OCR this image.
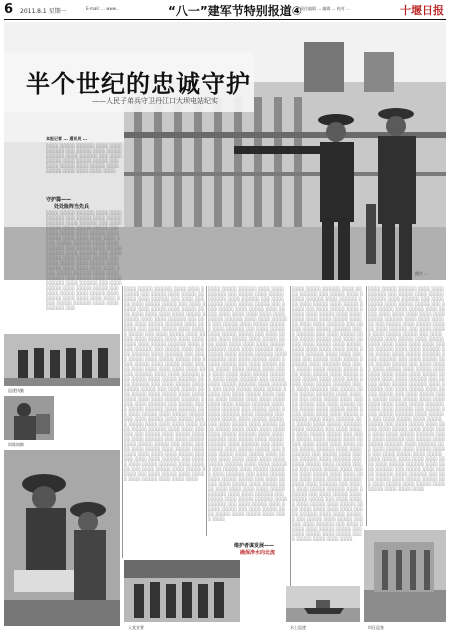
6 2011.8.1 星期一	E-mail: ... www...	“八一”建军节特别报道④
责任编辑 ... 编辑 ... 校对 ...	十堰日报
半个世纪的忠诚守护
——人民子弟兵守卫丹江口大坝电站纪实
图片 ...
本报记者 ... 通讯员 ...
░░░░ ░░░░░ ░░░░░░ ░░░░ ░░░░ ░░░░░░ ░░░ ░░░░░ ░░░░ ░░░░░ ░░░░░░ ░░░░ ░░░░░░ ░░░ ░░░░ ░░░░░ ░░░░ ░░░░░ ░░░░░ ░░░ ░░░░ ░░░░░ ░░░░ ░░░░░ ░░░░ ░░░░░ ░░░░ ░░░░ ░░░░ ░░░░
守护篇——
处处险阵当先兵
░░░░ ░░░░░ ░░░░░░ ░░░░ ░░░░ ░░░░░░ ░░░ ░░░░░ ░░░░ ░░░░░ ░░░░░░ ░░░░ ░░░░░░ ░░░ ░░░░ ░░░░░ ░░░░ ░░░░░ ░░░░░ ░░░ ░░░░ ░░░░░ ░░░░ ░░░░░ ░░░░ ░░░░░ ░░░░ ░░░░ ░░░░ ░░░░ ░░░░ ░░░░░ ░░░░░░ ░░░░ ░░░░ ░░░░░░ ░░░ ░░░░░ ░░░░ ░░░░░ ░░░░░░ ░░░░ ░░░░░░ ░░░ ░░░░ ░░░░░ ░░░░ ░░░░░ ░░░░░ ░░░ ░░░░ ░░░░░ ░░░░ ░░░░░ ░░░░ ░░░░░ ░░░░ ░░░░ ░░░░ ░░░░ ░░░░ ░░░░░ ░░░░░░ ░░░░ ░░░░ ░░░░░░ ░░░ ░░░░░ ░░░░ ░░░░░ ░░░░░░ ░░░░ ░░░░░░ ░░░ ░░░░ ░░░░░ ░░░░ ░░░░░ ░░░░░ ░░░ ░░░░ ░░░░░ ░░░░ ░░░░░ ░░░░ ░░░░░ ░░░░ ░░░░ ░░░░ ░░░░ ░░░░ ░░░░░ ░░░░░░ ░░░░ ░░░░ ░░░░░░ ░░░
巡逻执勤
训练间隙
░░░░ ░░░░░ ░░░░░░ ░░░░ ░░░░ ░░░░░░ ░░░ ░░░░░ ░░░░ ░░░░░ ░░░░░░ ░░░░ ░░░░░░ ░░░ ░░░░ ░░░░░ ░░░░ ░░░░░ ░░░░░ ░░░ ░░░░ ░░░░░ ░░░░ ░░░░░ ░░░░ ░░░░░ ░░░░ ░░░░ ░░░░ ░░░░ ░░░░ ░░░░░ ░░░░░░ ░░░░ ░░░░ ░░░░░░ ░░░ ░░░░░ ░░░░ ░░░░░ ░░░░░░ ░░░░ ░░░░░░ ░░░ ░░░░ ░░░░░ ░░░░ ░░░░░ ░░░░░ ░░░ ░░░░ ░░░░░ ░░░░ ░░░░░ ░░░░ ░░░░░ ░░░░ ░░░░ ░░░░ ░░░░ ░░░░ ░░░░░ ░░░░░░ ░░░░ ░░░░ ░░░░░░ ░░░ ░░░░░ ░░░░ ░░░░░ ░░░░░░ ░░░░ ░░░░░░ ░░░ ░░░░ ░░░░░ ░░░░ ░░░░░ ░░░░░ ░░░ ░░░░ ░░░░░ ░░░░ ░░░░░ ░░░░ ░░░░░ ░░░░ ░░░░ ░░░░ ░░░░ ░░░░ ░░░░░ ░░░░░░ ░░░░ ░░░░ ░░░░░░ ░░░ ░░░░░ ░░░░ ░░░░░ ░░░░░░ ░░░░ ░░░░░░ ░░░ ░░░░ ░░░░░ ░░░░ ░░░░░ ░░░░░ ░░░ ░░░░ ░░░░░ ░░░░ ░░░░░ ░░░░ ░░░░░ ░░░░ ░░░░ ░░░░ ░░░░ ░░░░ ░░░░░ ░░░░░░ ░░░░ ░░░░ ░░░░░░ ░░░ ░░░░░ ░░░░ ░░░░░ ░░░░░░ ░░░░ ░░░░░░ ░░░ ░░░░ ░░░░░ ░░░░ ░░░░░ ░░░░░ ░░░ ░░░░ ░░░░░ ░░░░ ░░░░░ ░░░░ ░░░░░ ░░░░ ░░░░ ░░░░ ░░░░ ░░░░ ░░░░░ ░░░░░░ ░░░░ ░░░░ ░░░░░░ ░░░ ░░░░░ ░░░░ ░░░░░ ░░░░░░ ░░░░ ░░░░░░ ░░░ ░░░░ ░░░░░ ░░░░ ░░░░░ ░░░░░ ░░░ ░░░░ ░░░░░ ░░░░ ░░░░░ ░░░░ ░░░░░ ░░░░ ░░░░ ░░░░ ░░░░ ░░░░ ░░░░░ ░░░░░░ ░░░░ ░░░░ ░░░░░░ ░░░ ░░░░░ ░░░░ ░░░░░ ░░░░░░ ░░░░ ░░░░░░ ░░░ ░░░░ ░░░░░ ░░░░ ░░░░░ ░░░░░ ░░░ ░░░░ ░░░░░ ░░░░ ░░░░░ ░░░░ ░░░░░ ░░░░ ░░░░ ░░░░
░░░░ ░░░░░ ░░░░░░ ░░░░ ░░░░ ░░░░░░ ░░░ ░░░░░ ░░░░ ░░░░░ ░░░░░░ ░░░░ ░░░░░░ ░░░ ░░░░ ░░░░░ ░░░░ ░░░░░ ░░░░░ ░░░ ░░░░ ░░░░░ ░░░░ ░░░░░ ░░░░ ░░░░░ ░░░░ ░░░░ ░░░░ ░░░░ ░░░░ ░░░░░ ░░░░░░ ░░░░ ░░░░ ░░░░░░ ░░░ ░░░░░ ░░░░ ░░░░░ ░░░░░░ ░░░░ ░░░░░░ ░░░ ░░░░ ░░░░░ ░░░░ ░░░░░ ░░░░░ ░░░ ░░░░ ░░░░░ ░░░░ ░░░░░ ░░░░ ░░░░░ ░░░░ ░░░░ ░░░░ ░░░░ ░░░░ ░░░░░ ░░░░░░ ░░░░ ░░░░ ░░░░░░ ░░░ ░░░░░ ░░░░ ░░░░░ ░░░░░░ ░░░░ ░░░░░░ ░░░ ░░░░ ░░░░░ ░░░░ ░░░░░ ░░░░░ ░░░ ░░░░ ░░░░░ ░░░░ ░░░░░ ░░░░ ░░░░░ ░░░░ ░░░░ ░░░░ ░░░░ ░░░░ ░░░░░ ░░░░░░ ░░░░ ░░░░ ░░░░░░ ░░░ ░░░░░ ░░░░ ░░░░░ ░░░░░░ ░░░░ ░░░░░░ ░░░ ░░░░ ░░░░░ ░░░░ ░░░░░ ░░░░░ ░░░ ░░░░ ░░░░░ ░░░░ ░░░░░ ░░░░ ░░░░░ ░░░░ ░░░░ ░░░░ ░░░░ ░░░░ ░░░░░ ░░░░░░ ░░░░ ░░░░ ░░░░░░ ░░░ ░░░░░ ░░░░ ░░░░░ ░░░░░░ ░░░░ ░░░░░░ ░░░ ░░░░ ░░░░░ ░░░░ ░░░░░ ░░░░░ ░░░ ░░░░ ░░░░░ ░░░░ ░░░░░ ░░░░ ░░░░░ ░░░░ ░░░░ ░░░░ ░░░░ ░░░░ ░░░░░ ░░░░░░ ░░░░ ░░░░ ░░░░░░ ░░░ ░░░░░ ░░░░ ░░░░░ ░░░░░░ ░░░░ ░░░░░░ ░░░ ░░░░ ░░░░░ ░░░░ ░░░░░ ░░░░░ ░░░ ░░░░ ░░░░░ ░░░░ ░░░░░ ░░░░ ░░░░░ ░░░░ ░░░░ ░░░░ ░░░░ ░░░░ ░░░░░ ░░░░░░ ░░░░ ░░░░ ░░░░░░ ░░░ ░░░░░ ░░░░ ░░░░░ ░░░░░░ ░░░░ ░░░░░░ ░░░ ░░░░ ░░░░░ ░░░░ ░░░░░ ░░░░░ ░░░ ░░░░ ░░░░░ ░░░░ ░░░░░ ░░░░ ░░░░░ ░░░░ ░░░░ ░░░░ ░░░░ ░░░░ ░░░░░ ░░░░░░ ░░░░ ░░░░ ░░░░░░ ░░░ ░░░░░ ░░░░ ░░░░░ ░░░░░░ ░░░░ ░░░░░░ ░░░ ░░░░ ░░░░░ ░░░░ ░░░░░ ░░░░░ ░░░ ░░░░ ░░░░░ ░░░░ ░░░░░ ░░░░ ░░░░░ ░░░░ ░░░░ ░░░░
维护者谋发展——
确保净水向北流
░░░░ ░░░░░ ░░░░░░ ░░░░ ░░░░ ░░░░░░ ░░░ ░░░░░ ░░░░ ░░░░░ ░░░░░░ ░░░░ ░░░░░░ ░░░ ░░░░ ░░░░░ ░░░░ ░░░░░ ░░░░░ ░░░ ░░░░ ░░░░░ ░░░░ ░░░░░ ░░░░ ░░░░░ ░░░░ ░░░░ ░░░░ ░░░░ ░░░░ ░░░░░ ░░░░░░ ░░░░ ░░░░ ░░░░░░ ░░░ ░░░░░ ░░░░ ░░░░░ ░░░░░░ ░░░░ ░░░░░░ ░░░ ░░░░ ░░░░░ ░░░░ ░░░░░ ░░░░░ ░░░ ░░░░ ░░░░░ ░░░░ ░░░░░ ░░░░ ░░░░░ ░░░░ ░░░░ ░░░░ ░░░░ ░░░░ ░░░░░ ░░░░░░ ░░░░ ░░░░ ░░░░░░ ░░░ ░░░░░ ░░░░ ░░░░░ ░░░░░░ ░░░░ ░░░░░░ ░░░ ░░░░ ░░░░░ ░░░░ ░░░░░ ░░░░░ ░░░ ░░░░ ░░░░░ ░░░░ ░░░░░ ░░░░ ░░░░░ ░░░░ ░░░░ ░░░░ ░░░░ ░░░░ ░░░░░ ░░░░░░ ░░░░ ░░░░ ░░░░░░ ░░░ ░░░░░ ░░░░ ░░░░░ ░░░░░░ ░░░░ ░░░░░░ ░░░ ░░░░ ░░░░░ ░░░░ ░░░░░ ░░░░░ ░░░ ░░░░ ░░░░░ ░░░░ ░░░░░ ░░░░ ░░░░░ ░░░░ ░░░░ ░░░░ ░░░░ ░░░░ ░░░░░ ░░░░░░ ░░░░ ░░░░ ░░░░░░ ░░░ ░░░░░ ░░░░ ░░░░░ ░░░░░░ ░░░░ ░░░░░░ ░░░ ░░░░ ░░░░░ ░░░░ ░░░░░ ░░░░░ ░░░ ░░░░ ░░░░░ ░░░░ ░░░░░ ░░░░ ░░░░░ ░░░░ ░░░░ ░░░░ ░░░░ ░░░░ ░░░░░ ░░░░░░ ░░░░ ░░░░ ░░░░░░ ░░░ ░░░░░ ░░░░ ░░░░░ ░░░░░░ ░░░░ ░░░░░░ ░░░ ░░░░ ░░░░░ ░░░░ ░░░░░ ░░░░░ ░░░ ░░░░ ░░░░░ ░░░░ ░░░░░ ░░░░ ░░░░░ ░░░░ ░░░░ ░░░░ ░░░░ ░░░░ ░░░░░ ░░░░░░ ░░░░ ░░░░ ░░░░░░ ░░░ ░░░░░ ░░░░ ░░░░░ ░░░░░░ ░░░░ ░░░░░░ ░░░ ░░░░ ░░░░░ ░░░░ ░░░░░ ░░░░░ ░░░ ░░░░ ░░░░░ ░░░░ ░░░░░ ░░░░ ░░░░░ ░░░░ ░░░░ ░░░░ ░░░░ ░░░░ ░░░░░ ░░░░░░ ░░░░ ░░░░ ░░░░░░ ░░░ ░░░░░ ░░░░ ░░░░░ ░░░░░░ ░░░░ ░░░░░░ ░░░ ░░░░ ░░░░░ ░░░░ ░░░░░ ░░░░░ ░░░ ░░░░ ░░░░░ ░░░░ ░░░░░ ░░░░ ░░░░░ ░░░░ ░░░░ ░░░░
░░░░ ░░░░░ ░░░░░░ ░░░░ ░░░░ ░░░░░░ ░░░ ░░░░░ ░░░░ ░░░░░ ░░░░░░ ░░░░ ░░░░░░ ░░░ ░░░░ ░░░░░ ░░░░ ░░░░░ ░░░░░ ░░░ ░░░░ ░░░░░ ░░░░ ░░░░░ ░░░░ ░░░░░ ░░░░ ░░░░ ░░░░ ░░░░ ░░░░ ░░░░░ ░░░░░░ ░░░░ ░░░░ ░░░░░░ ░░░ ░░░░░ ░░░░ ░░░░░ ░░░░░░ ░░░░ ░░░░░░ ░░░ ░░░░ ░░░░░ ░░░░ ░░░░░ ░░░░░ ░░░ ░░░░ ░░░░░ ░░░░ ░░░░░ ░░░░ ░░░░░ ░░░░ ░░░░ ░░░░ ░░░░ ░░░░ ░░░░░ ░░░░░░ ░░░░ ░░░░ ░░░░░░ ░░░ ░░░░░ ░░░░ ░░░░░ ░░░░░░ ░░░░ ░░░░░░ ░░░ ░░░░ ░░░░░ ░░░░ ░░░░░ ░░░░░ ░░░ ░░░░ ░░░░░ ░░░░ ░░░░░ ░░░░ ░░░░░ ░░░░ ░░░░ ░░░░ ░░░░ ░░░░ ░░░░░ ░░░░░░ ░░░░ ░░░░ ░░░░░░ ░░░ ░░░░░ ░░░░ ░░░░░ ░░░░░░ ░░░░ ░░░░░░ ░░░ ░░░░ ░░░░░ ░░░░ ░░░░░ ░░░░░ ░░░ ░░░░ ░░░░░ ░░░░ ░░░░░ ░░░░ ░░░░░ ░░░░ ░░░░ ░░░░ ░░░░ ░░░░ ░░░░░ ░░░░░░ ░░░░ ░░░░ ░░░░░░ ░░░ ░░░░░ ░░░░ ░░░░░ ░░░░░░ ░░░░ ░░░░░░ ░░░ ░░░░ ░░░░░ ░░░░ ░░░░░ ░░░░░ ░░░ ░░░░ ░░░░░ ░░░░ ░░░░░ ░░░░ ░░░░░ ░░░░ ░░░░ ░░░░ ░░░░ ░░░░ ░░░░░ ░░░░░░ ░░░░ ░░░░ ░░░░░░ ░░░ ░░░░░ ░░░░ ░░░░░ ░░░░░░ ░░░░ ░░░░░░ ░░░ ░░░░ ░░░░░ ░░░░ ░░░░░ ░░░░░ ░░░ ░░░░ ░░░░░ ░░░░ ░░░░░ ░░░░ ░░░░░ ░░░░ ░░░░ ░░░░ ░░░░ ░░░░ ░░░░░ ░░░░░░ ░░░░ ░░░░ ░░░░░░ ░░░ ░░░░░ ░░░░ ░░░░░ ░░░░░░ ░░░░ ░░░░░░ ░░░ ░░░░ ░░░░░ ░░░░ ░░░░░ ░░░░░ ░░░ ░░░░ ░░░░░ ░░░░ ░░░░░ ░░░░ ░░░░░ ░░░░ ░░░░ ░░░░
入党宣誓	水上巡逻	坝区巡查
